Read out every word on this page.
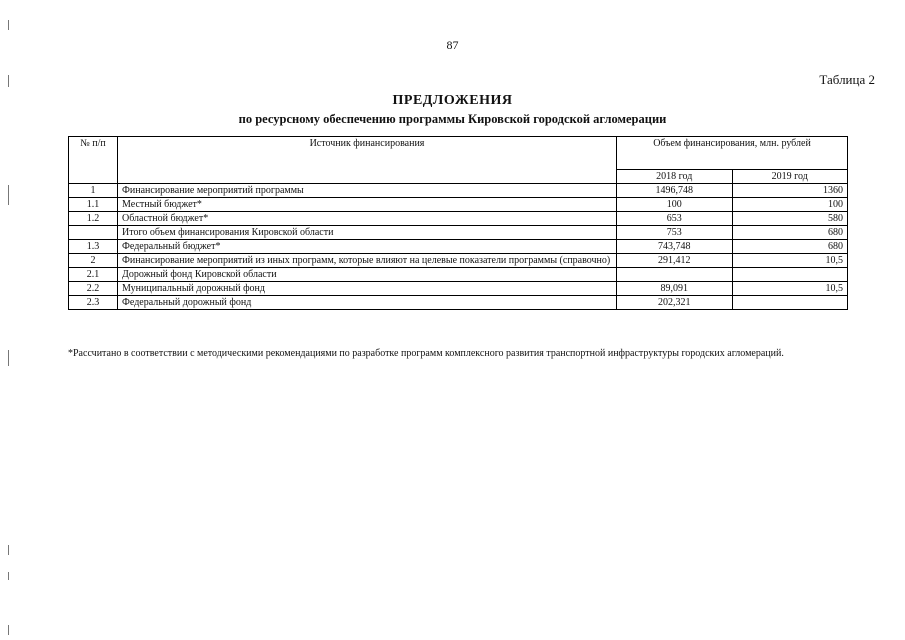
87
Таблица 2
ПРЕДЛОЖЕНИЯ
по ресурсному обеспечению программы Кировской городской агломерации
№ п/п	Источник финансирования	Объем финансирования, млн. рублей	
		2018 год	2019 год
1	Финансирование мероприятий программы	1496,748	1360
1.1	Местный бюджет*	100	100
1.2	Областной бюджет*	653	580
	Итого объем финансирования Кировской области	753	680
1.3	Федеральный бюджет*	743,748	680
2	Финансирование мероприятий из иных программ, которые влияют на целевые показатели программы (справочно)	291,412	10,5
2.1	Дорожный фонд Кировской области		
2.2	Муниципальный дорожный фонд	89,091	10,5
2.3	Федеральный дорожный фонд	202,321	
*Рассчитано в соответствии с методическими рекомендациями по разработке программ комплексного развития транспортной инфраструктуры городских агломераций.
